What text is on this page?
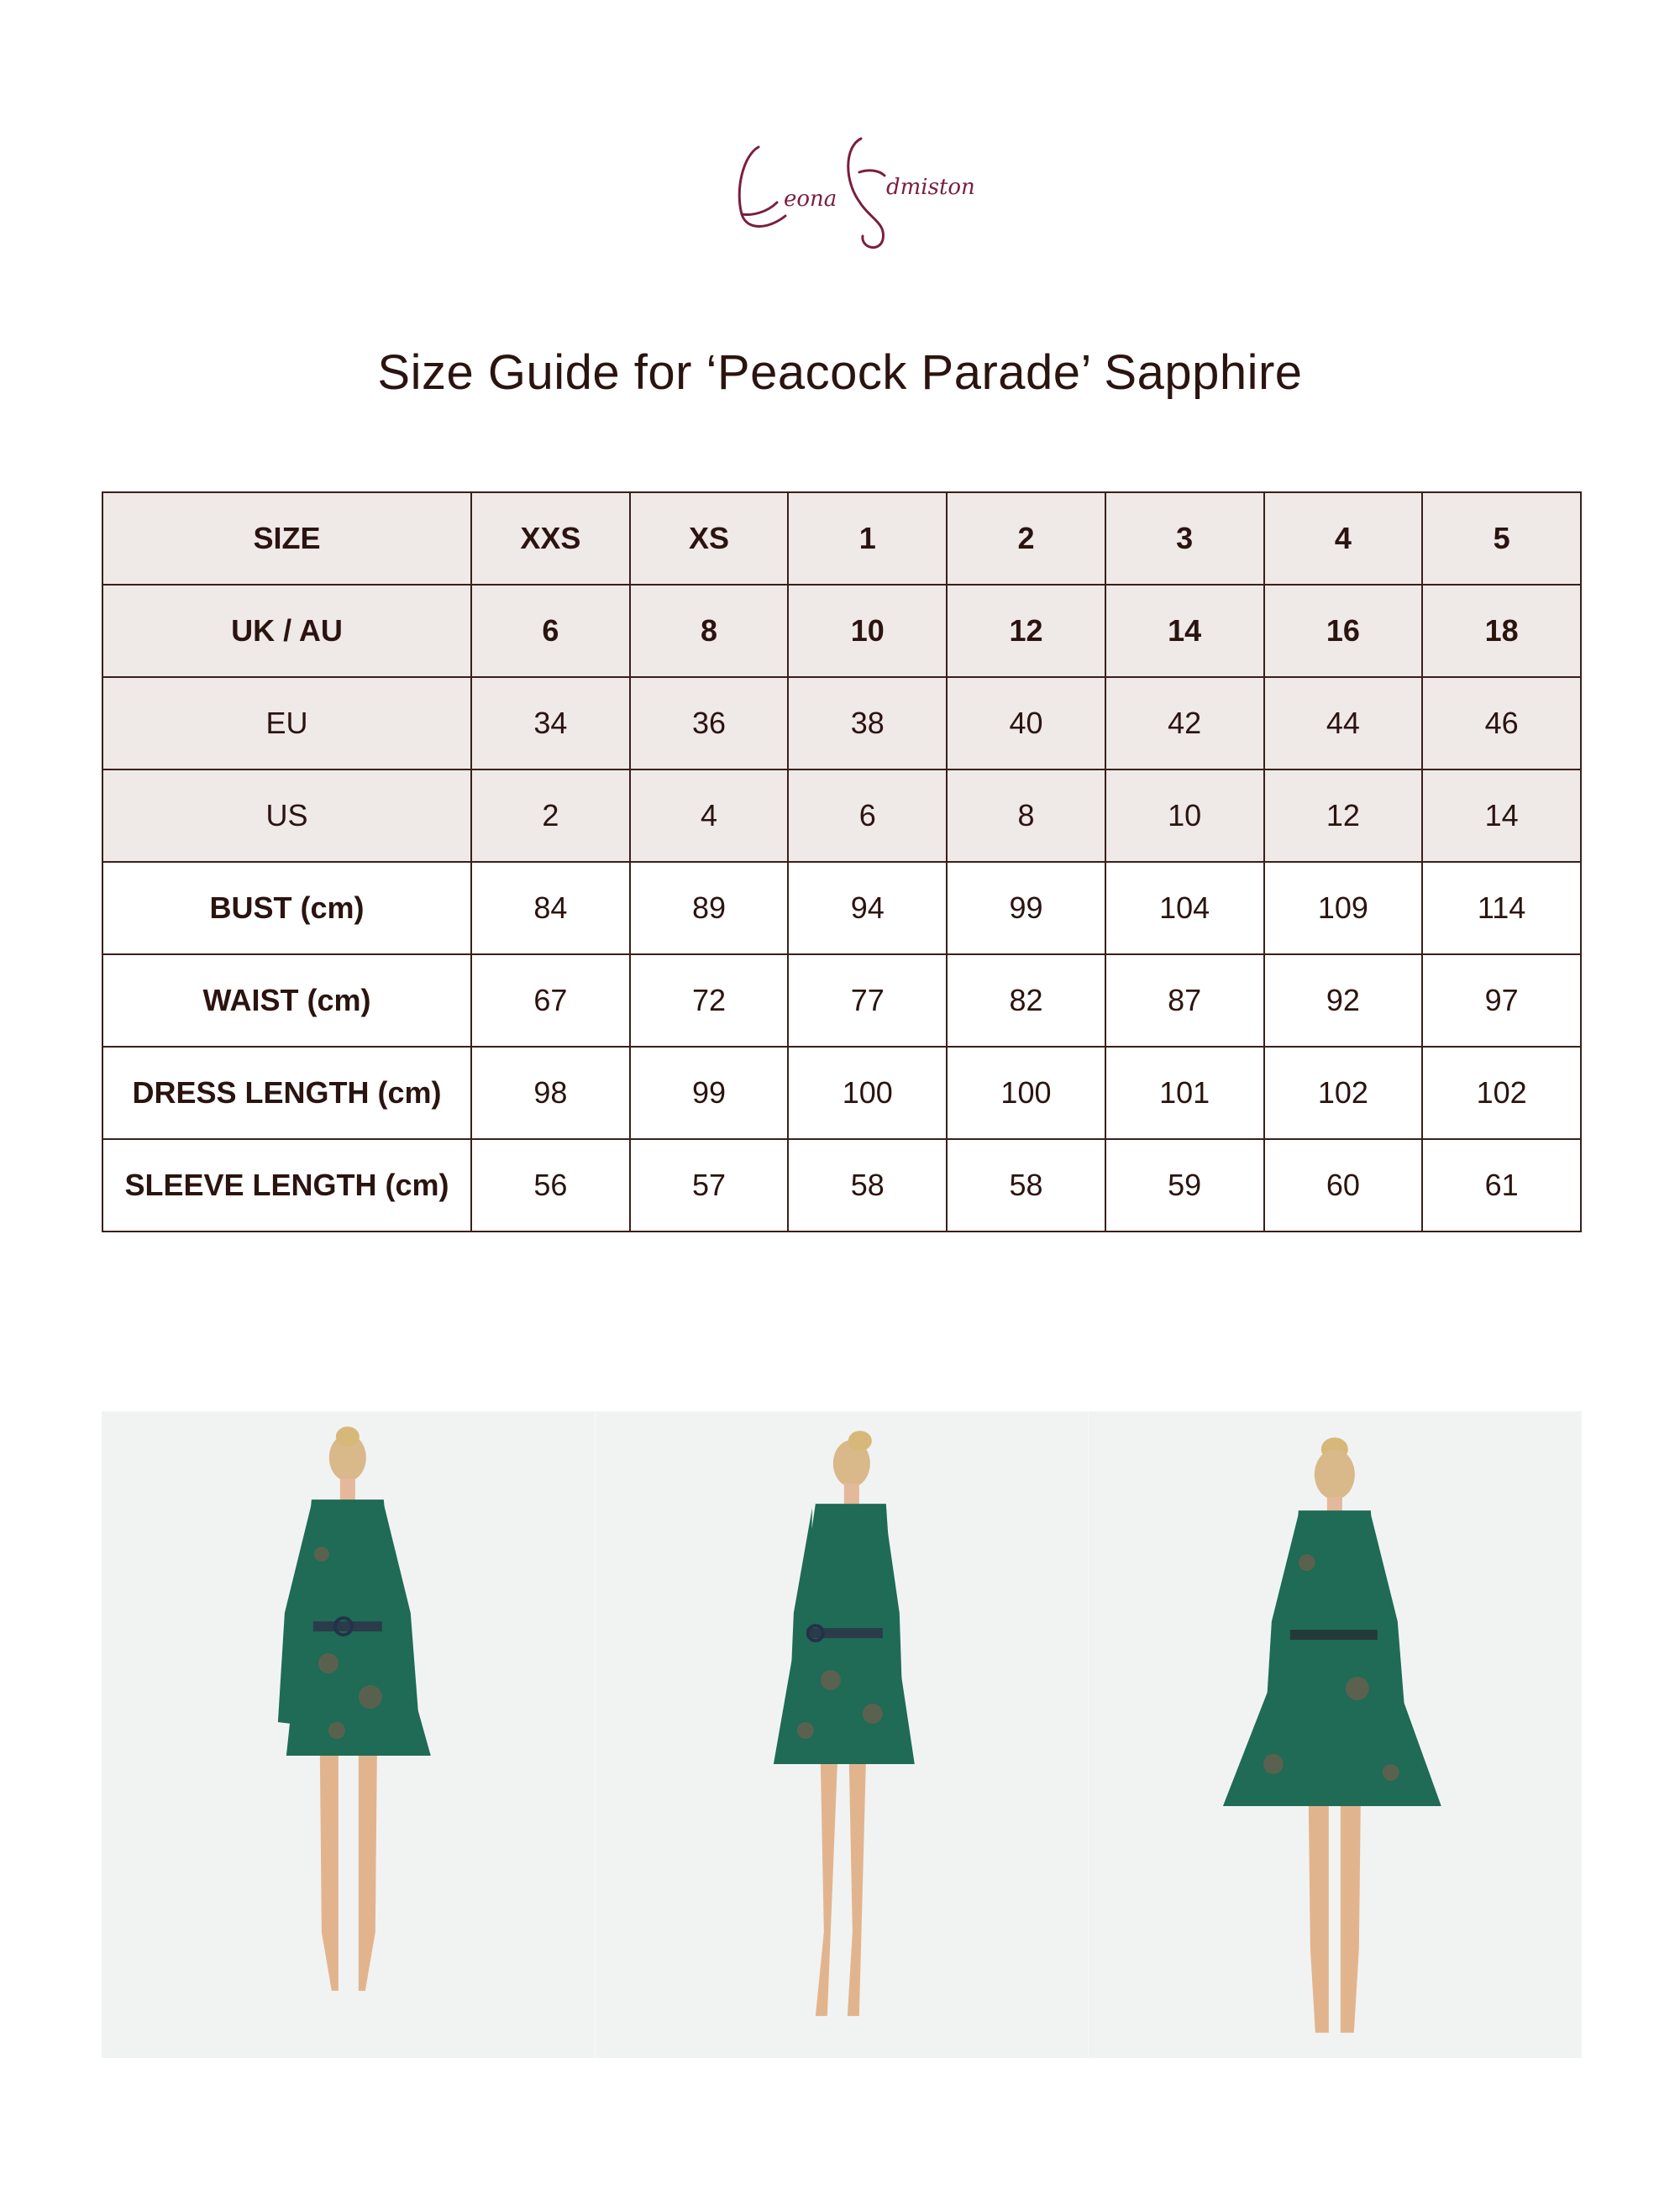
eona dmiston
Size Guide for ‘Peacock Parade’ Sapphire
SIZE	XXS	XS	1	2	3	4	5
UK / AU	6	8	10	12	14	16	18
EU	34	36	38	40	42	44	46
US	2	4	6	8	10	12	14
BUST (cm)	84	89	94	99	104	109	114
WAIST (cm)	67	72	77	82	87	92	97
DRESS LENGTH (cm)	98	99	100	100	101	102	102
SLEEVE LENGTH (cm)	56	57	58	58	59	60	61
